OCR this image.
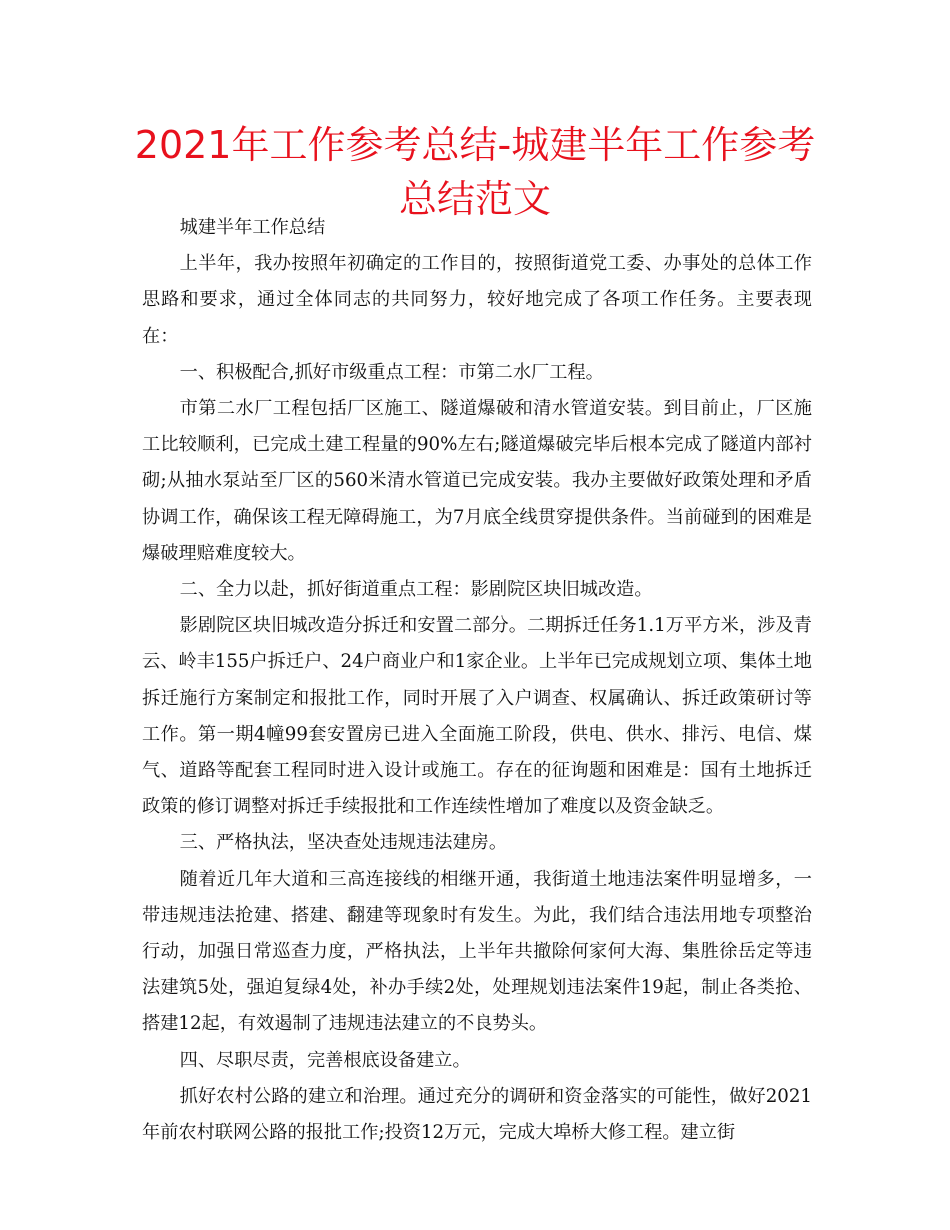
2021年工作参考总结-城建半年工作参考总结范文

城建半年工作总结

上半年，我办按照年初确定的工作目的，按照街道党工委、办事处的总体工作思路和要求，通过全体同志的共同努力，较好地完成了各项工作任务。主要表现在：

一、积极配合,抓好市级重点工程：市第二水厂工程。

市第二水厂工程包括厂区施工、隧道爆破和清水管道安装。到目前止，厂区施工比较顺利，已完成土建工程量的90%左右;隧道爆破完毕后根本完成了隧道内部衬砌;从抽水泵站至厂区的560米清水管道已完成安装。我办主要做好政策处理和矛盾协调工作，确保该工程无障碍施工，为7月底全线贯穿提供条件。当前碰到的困难是爆破理赔难度较大。

二、全力以赴，抓好街道重点工程：影剧院区块旧城改造。

影剧院区块旧城改造分拆迁和安置二部分。二期拆迁任务1.1万平方米，涉及青云、岭丰155户拆迁户、24户商业户和1家企业。上半年已完成规划立项、集体土地拆迁施行方案制定和报批工作，同时开展了入户调查、权属确认、拆迁政策研讨等工作。第一期4幢99套安置房已进入全面施工阶段，供电、供水、排污、电信、煤气、道路等配套工程同时进入设计或施工。存在的征询题和困难是：国有土地拆迁政策的修订调整对拆迁手续报批和工作连续性增加了难度以及资金缺乏。

三、严格执法，坚决查处违规违法建房。

随着近几年大道和三高连接线的相继开通，我街道土地违法案件明显增多，一带违规违法抢建、搭建、翻建等现象时有发生。为此，我们结合违法用地专项整治行动，加强日常巡查力度，严格执法，上半年共撤除何家何大海、集胜徐岳定等违法建筑5处，强迫复绿4处，补办手续2处，处理规划违法案件19起，制止各类抢、搭建12起，有效遏制了违规违法建立的不良势头。

四、尽职尽责，完善根底设备建立。

抓好农村公路的建立和治理。通过充分的调研和资金落实的可能性，做好2021年前农村联网公路的报批工作;投资12万元，完成大埠桥大修工程。建立街
